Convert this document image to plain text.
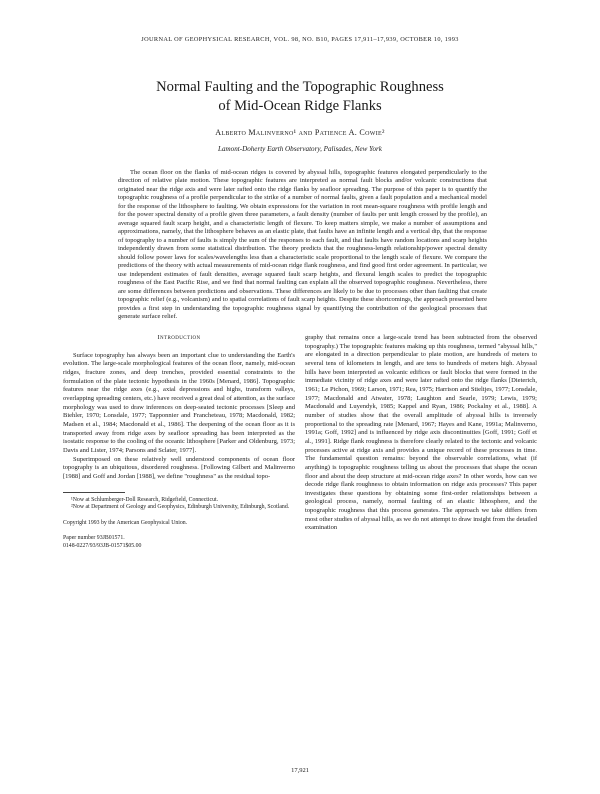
JOURNAL OF GEOPHYSICAL RESEARCH, VOL. 98, NO. B10, PAGES 17,911–17,939, OCTOBER 10, 1993
Normal Faulting and the Topographic Roughness
of Mid-Ocean Ridge Flanks
Alberto Malinverno¹ and Patience A. Cowie²
Lamont-Doherty Earth Observatory, Palisades, New York

The ocean floor on the flanks of mid-ocean ridges is covered by abyssal hills, topographic features elongated perpendicularly to the direction of relative plate motion. These topographic features are interpreted as normal fault blocks and/or volcanic constructions that originated near the ridge axis and were later rafted onto the ridge flanks by seafloor spreading. The purpose of this paper is to quantify the topographic roughness of a profile perpendicular to the strike of a number of normal faults, given a fault population and a mechanical model for the response of the lithosphere to faulting. We obtain expressions for the variation in root mean-square roughness with profile length and for the power spectral density of a profile given three parameters, a fault density (number of faults per unit length crossed by the profile), an average squared fault scarp height, and a characteristic length of flexure. To keep matters simple, we make a number of assumptions and approximations, namely, that the lithosphere behaves as an elastic plate, that faults have an infinite length and a vertical dip, that the response of topography to a number of faults is simply the sum of the responses to each fault, and that faults have random locations and scarp heights independently drawn from some statistical distribution. The theory predicts that the roughness-length relationship/power spectral density should follow power laws for scales/wavelengths less than a characteristic scale proportional to the length scale of flexure. We compare the predictions of the theory with actual measurements of mid-ocean ridge flank roughness, and find good first order agreement. In particular, we use independent estimates of fault densities, average squared fault scarp heights, and flexural length scales to predict the topographic roughness of the East Pacific Rise, and we find that normal faulting can explain all the observed topographic roughness. Nevertheless, there are some differences between predictions and observations. These differences are likely to be due to processes other than faulting that create topographic relief (e.g., volcanism) and to spatial correlations of fault scarp heights. Despite these shortcomings, the approach presented here provides a first step in understanding the topographic roughness signal by quantifying the contribution of the geological processes that generate surface relief.

Introduction

Surface topography has always been an important clue to understanding the Earth's evolution. The large-scale morphological features of the ocean floor, namely, mid-ocean ridges, fracture zones, and deep trenches, provided essential constraints to the formulation of the plate tectonic hypothesis in the 1960s [Menard, 1986]. Topographic features near the ridge axes (e.g., axial depressions and highs, transform valleys, overlapping spreading centers, etc.) have received a great deal of attention, as the surface morphology was used to draw inferences on deep-seated tectonic processes [Sleep and Biehler, 1970; Lonsdale, 1977; Tapponnier and Francheteau, 1978; Macdonald, 1982; Madsen et al., 1984; Macdonald et al., 1986]. The deepening of the ocean floor as it is transported away from ridge axes by seafloor spreading has been interpreted as the isostatic response to the cooling of the oceanic lithosphere [Parker and Oldenburg, 1973; Davis and Lister, 1974; Parsons and Sclater, 1977].

Superimposed on these relatively well understood components of ocean floor topography is an ubiquitous, disordered roughness. [Following Gilbert and Malinverno [1988] and Goff and Jordan [1988], we define "roughness" as the residual topo-

¹Now at Schlumberger-Doll Research, Ridgefield, Connecticut.

²Now at Department of Geology and Geophysics, Edinburgh University, Edinburgh, Scotland.

Copyright 1993 by the American Geophysical Union.

Paper number 93JB01571.
0148-0227/93/93JB-01571$05.00

graphy that remains once a large-scale trend has been subtracted from the observed topography.) The topographic features making up this roughness, termed "abyssal hills," are elongated in a direction perpendicular to plate motion, are hundreds of meters to several tens of kilometers in length, and are tens to hundreds of meters high. Abyssal hills have been interpreted as volcanic edifices or fault blocks that were formed in the immediate vicinity of ridge axes and were later rafted onto the ridge flanks [Dieterich, 1961; Le Pichon, 1969; Larson, 1971; Rea, 1975; Harrison and Stieltjes, 1977; Lonsdale, 1977; Macdonald and Atwater, 1978; Laughton and Searle, 1979; Lewis, 1979; Macdonald and Luyendyk, 1985; Kappel and Ryan, 1986; Pockalny et al., 1988]. A number of studies show that the overall amplitude of abyssal hills is inversely proportional to the spreading rate [Menard, 1967; Hayes and Kane, 1991a; Malinverno, 1991a; Goff, 1992] and is influenced by ridge axis discontinuities [Goff, 1991; Goff et al., 1991]. Ridge flank roughness is therefore clearly related to the tectonic and volcanic processes active at ridge axis and provides a unique record of these processes in time. The fundamental question remains: beyond the observable correlations, what (if anything) is topographic roughness telling us about the processes that shape the ocean floor and about the deep structure at mid-ocean ridge axes? In other words, how can we decode ridge flank roughness to obtain information on ridge axis processes? This paper investigates these questions by obtaining some first-order relationships between a geological process, namely, normal faulting of an elastic lithosphere, and the topographic roughness that this process generates. The approach we take differs from most other studies of abyssal hills, as we do not attempt to draw insight from the detailed examination

17,921
